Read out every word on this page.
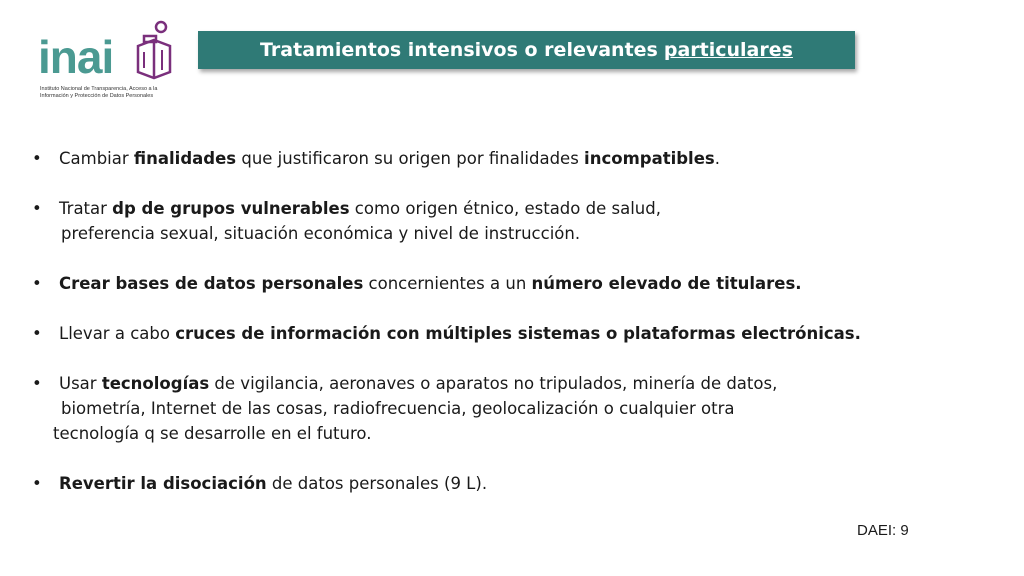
inai
Instituto Nacional de Transparencia, Acceso a la
Información y Protección de Datos Personales
Tratamientos intensivos o relevantes particulares
•	Cambiar finalidades que justificaron su origen por finalidades incompatibles.
•	Tratar dp de grupos vulnerables como origen étnico, estado de salud,
preferencia sexual, situación económica y nivel de instrucción.
•	Crear bases de datos personales concernientes a un número elevado de titulares.
•	Llevar a cabo cruces de información con múltiples sistemas o plataformas electrónicas.
•	Usar tecnologías de vigilancia, aeronaves o aparatos no tripulados, minería de datos,
biometría, Internet de las cosas, radiofrecuencia, geolocalización o cualquier otra
tecnología q se desarrolle en el futuro.
•	Revertir la disociación de datos personales (9 L).
DAEI: 9
